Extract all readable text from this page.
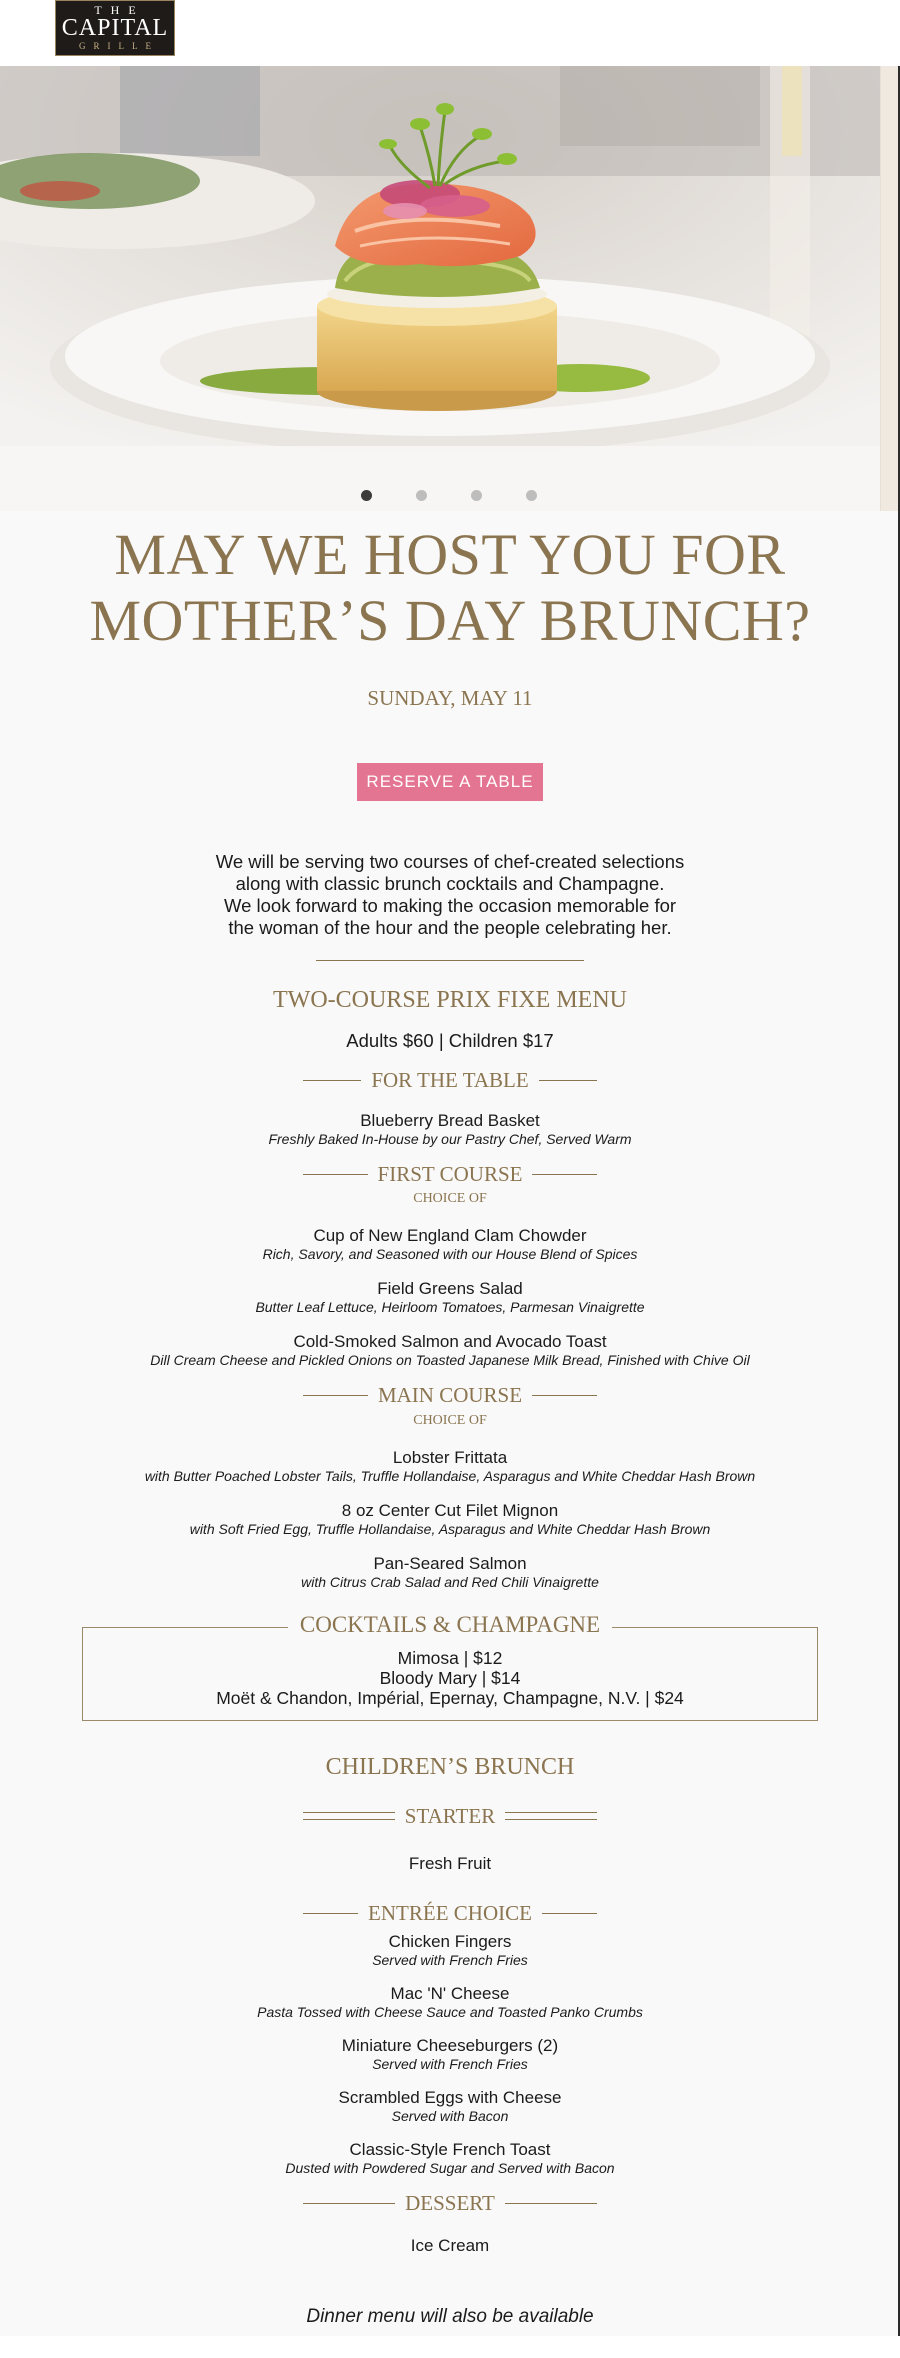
THE
CAPITAL
GRILLE
MAY WE HOST YOU FOR
MOTHER’S DAY BRUNCH?
SUNDAY, MAY 11
RESERVE A TABLE
We will be serving two courses of chef-created selections
along with classic brunch cocktails and Champagne.
We look forward to making the occasion memorable for
the woman of the hour and the people celebrating her.
TWO-COURSE PRIX FIXE MENU
Adults $60 | Children $17
FOR THE TABLE
Blueberry Bread Basket
Freshly Baked In-House by our Pastry Chef, Served Warm
FIRST COURSE
CHOICE OF
Cup of New England Clam Chowder
Rich, Savory, and Seasoned with our House Blend of Spices
Field Greens Salad
Butter Leaf Lettuce, Heirloom Tomatoes, Parmesan Vinaigrette
Cold-Smoked Salmon and Avocado Toast
Dill Cream Cheese and Pickled Onions on Toasted Japanese Milk Bread, Finished with Chive Oil
MAIN COURSE
CHOICE OF
Lobster Frittata
with Butter Poached Lobster Tails, Truffle Hollandaise, Asparagus and White Cheddar Hash Brown
8 oz Center Cut Filet Mignon
with Soft Fried Egg, Truffle Hollandaise, Asparagus and White Cheddar Hash Brown
Pan-Seared Salmon
with Citrus Crab Salad and Red Chili Vinaigrette
COCKTAILS & CHAMPAGNE
Mimosa | $12
Bloody Mary | $14
Moët & Chandon, Impérial, Epernay, Champagne, N.V. | $24
CHILDREN’S BRUNCH
STARTER
Fresh Fruit
ENTRÉE CHOICE
Chicken Fingers
Served with French Fries
Mac 'N' Cheese
Pasta Tossed with Cheese Sauce and Toasted Panko Crumbs
Miniature Cheeseburgers (2)
Served with French Fries
Scrambled Eggs with Cheese
Served with Bacon
Classic-Style French Toast
Dusted with Powdered Sugar and Served with Bacon
DESSERT
Ice Cream
Dinner menu will also be available
